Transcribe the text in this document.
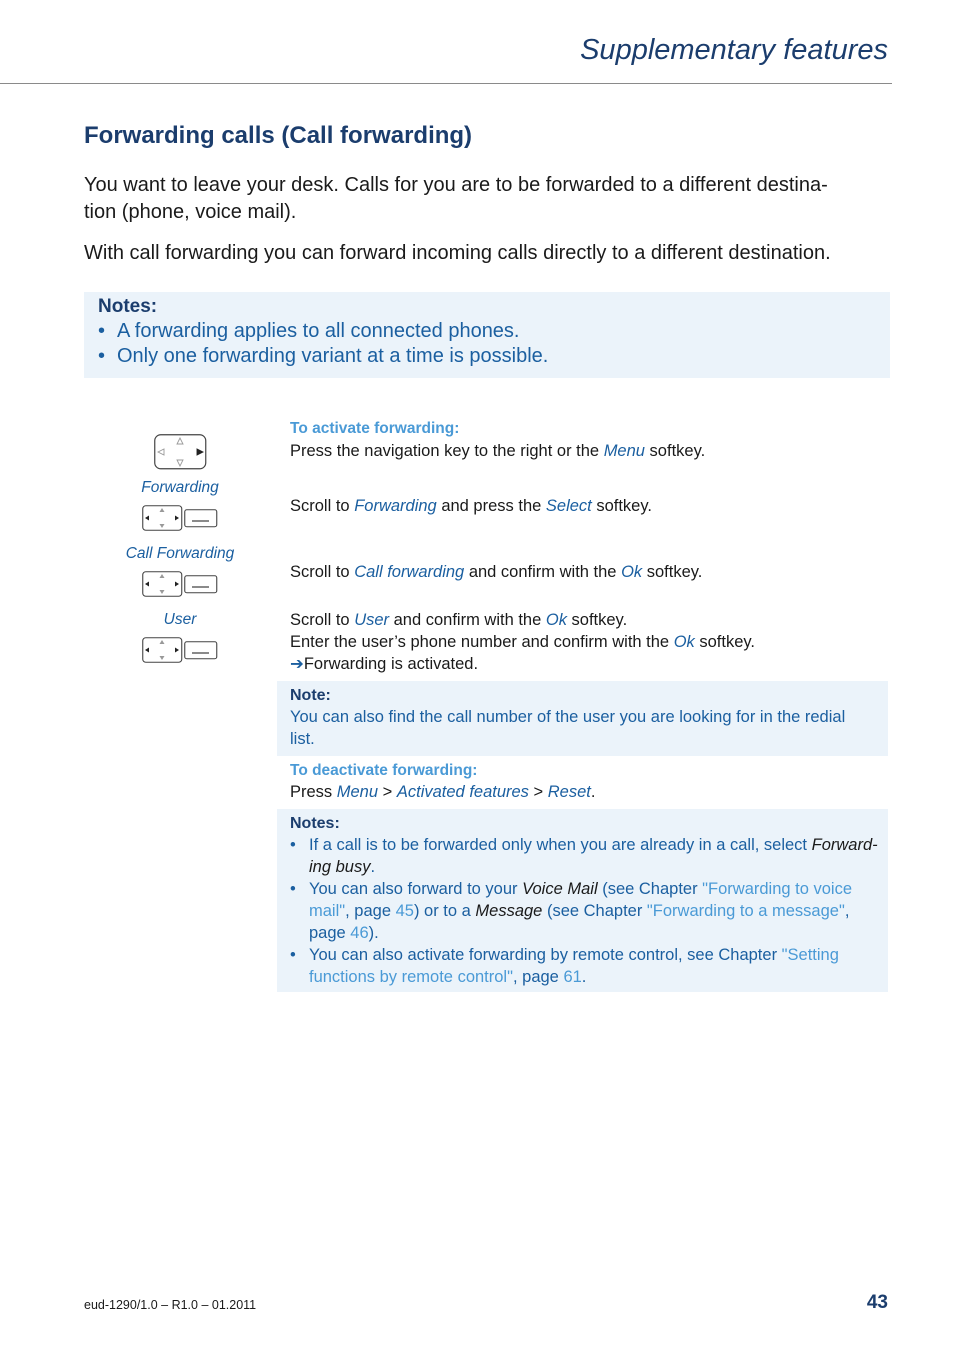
Supplementary features
Forwarding calls (Call forwarding)
You want to leave your desk. Calls for you are to be forwarded to a different destina-
tion (phone, voice mail).
With call forwarding you can forward incoming calls directly to a different destination.
Notes:
• A forwarding applies to all connected phones.
• Only one forwarding variant at a time is possible.
Forwarding
Call Forwarding
User
To activate forwarding:
Press the navigation key to the right or the Menu softkey.
Scroll to Forwarding and press the Select softkey.
Scroll to Call forwarding and confirm with the Ok softkey.
Scroll to User and confirm with the Ok softkey.
Enter the user’s phone number and confirm with the Ok softkey.
➔Forwarding is activated.
Note:
You can also find the call number of the user you are looking for in the redial
list.
To deactivate forwarding:
Press Menu > Activated features > Reset.
Notes:
• If a call is to be forwarded only when you are already in a call, select Forward-
ing busy.
• You can also forward to your Voice Mail (see Chapter "Forwarding to voice
mail", page 45) or to a Message (see Chapter "Forwarding to a message",
page 46).
• You can also activate forwarding by remote control, see Chapter "Setting
functions by remote control", page 61.
eud-1290/1.0 – R1.0 – 01.2011	43
